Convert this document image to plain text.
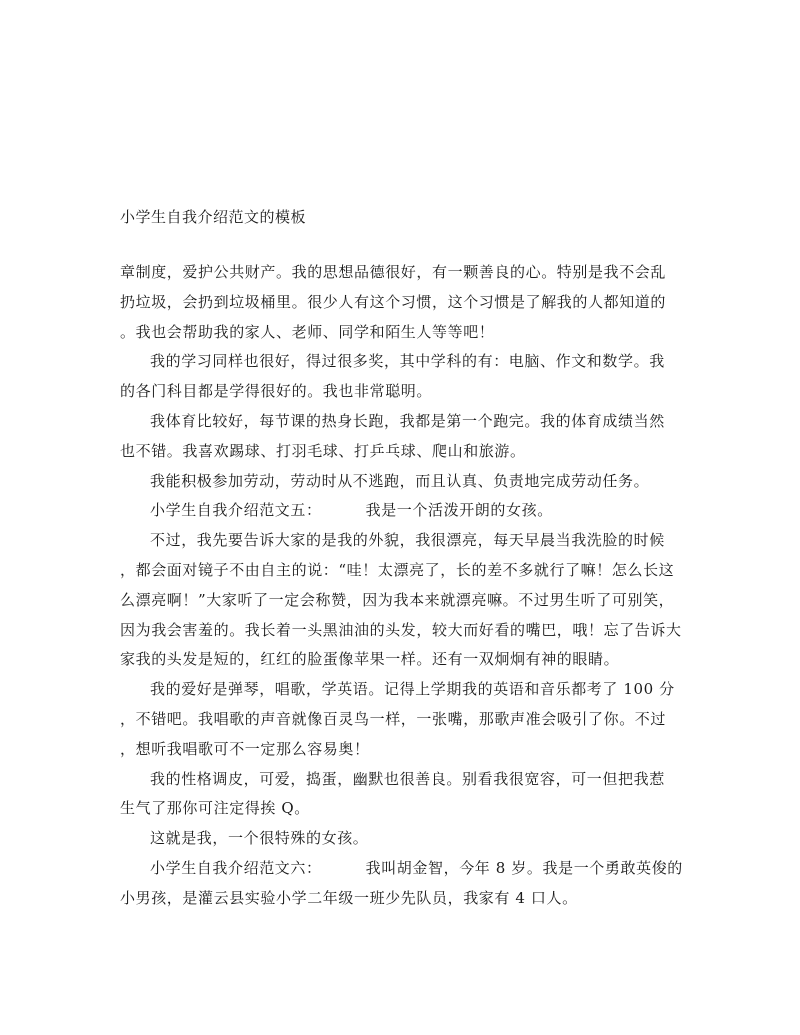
小学生自我介绍范文的模板
章制度，爱护公共财产。我的思想品德很好，有一颗善良的心。特别是我不会乱
扔垃圾，会扔到垃圾桶里。很少人有这个习惯，这个习惯是了解我的人都知道的
。我也会帮助我的家人、老师、同学和陌生人等等吧！
我的学习同样也很好，得过很多奖，其中学科的有：电脑、作文和数学。我
的各门科目都是学得很好的。我也非常聪明。
我体育比较好，每节课的热身长跑，我都是第一个跑完。我的体育成绩当然
也不错。我喜欢踢球、打羽毛球、打乒乓球、爬山和旅游。
我能积极参加劳动，劳动时从不逃跑，而且认真、负责地完成劳动任务。
小学生自我介绍范文五：	我是一个活泼开朗的女孩。
不过，我先要告诉大家的是我的外貌，我很漂亮，每天早晨当我洗脸的时候
，都会面对镜子不由自主的说：“哇！太漂亮了，长的差不多就行了嘛！怎么长这
么漂亮啊！”大家听了一定会称赞，因为我本来就漂亮嘛。不过男生听了可别笑，
因为我会害羞的。我长着一头黑油油的头发，较大而好看的嘴巴，哦！忘了告诉大
家我的头发是短的，红红的脸蛋像苹果一样。还有一双炯炯有神的眼睛。
我的爱好是弹琴，唱歌，学英语。记得上学期我的英语和音乐都考了 100 分
，不错吧。我唱歌的声音就像百灵鸟一样，一张嘴，那歌声准会吸引了你。不过
，想听我唱歌可不一定那么容易奥！
我的性格调皮，可爱，捣蛋，幽默也很善良。别看我很宽容，可一但把我惹
生气了那你可注定得挨 Q。
这就是我，一个很特殊的女孩。
小学生自我介绍范文六：	我叫胡金智，今年 8 岁。我是一个勇敢英俊的
小男孩，是灌云县实验小学二年级一班少先队员，我家有 4 口人。
